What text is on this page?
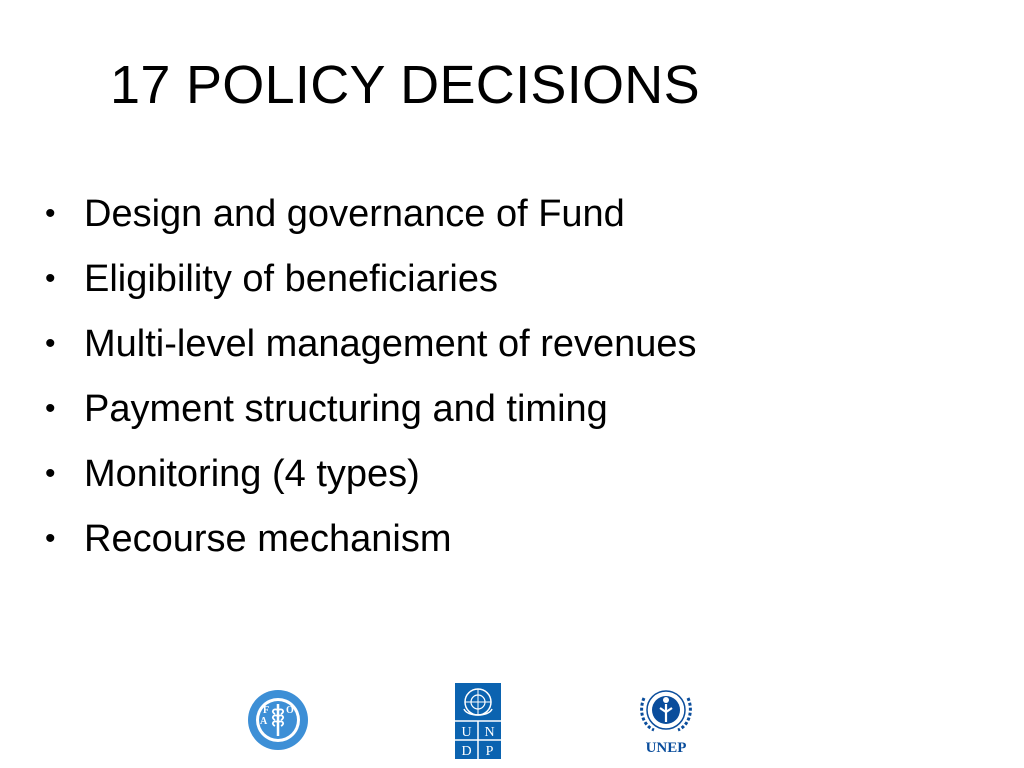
17 POLICY DECISIONS
• Design and governance of Fund
• Eligibility of beneficiaries
• Multi-level management of revenues
• Payment structuring and timing
• Monitoring (4 types)
• Recourse mechanism
F O
A
U N
D P	UNEP
